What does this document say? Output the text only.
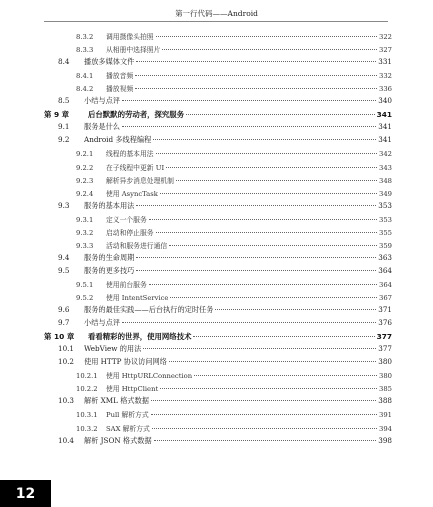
第一行代码——Android
8.3.2	调用摄像头拍照	322
8.3.3	从相册中选择照片	327
8.4	播放多媒体文件	331
8.4.1	播放音频	332
8.4.2	播放视频	336
8.5	小结与点评	340
第 9 章	后台默默的劳动者，探究服务	341
9.1	服务是什么	341
9.2	Android 多线程编程	341
9.2.1	线程的基本用法	342
9.2.2	在子线程中更新 UI	343
9.2.3	解析异步消息处理机制	348
9.2.4	使用 AsyncTask	349
9.3	服务的基本用法	353
9.3.1	定义一个服务	353
9.3.2	启动和停止服务	355
9.3.3	活动和服务进行通信	359
9.4	服务的生命周期	363
9.5	服务的更多技巧	364
9.5.1	使用前台服务	364
9.5.2	使用 IntentService	367
9.6	服务的最佳实践——后台执行的定时任务	371
9.7	小结与点评	376
第 10 章	看看精彩的世界，使用网络技术	377
10.1	WebView 的用法	377
10.2	使用 HTTP 协议访问网络	380
10.2.1	使用 HttpURLConnection	380
10.2.2	使用 HttpClient	385
10.3	解析 XML 格式数据	388
10.3.1	Pull 解析方式	391
10.3.2	SAX 解析方式	394
10.4	解析 JSON 格式数据	398
12
